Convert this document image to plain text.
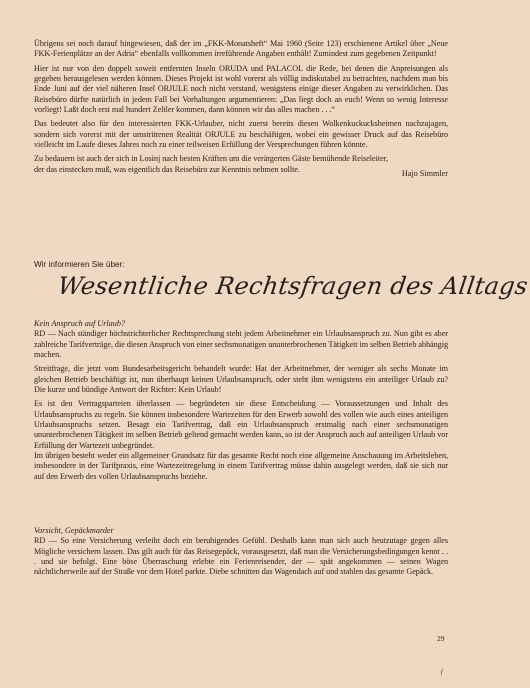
Übrigens sei noch darauf hingewiesen, daß der im „FKK-Monatsheft“ Mai 1960 (Seite 123) erschienene Artikel über „Neue FKK-Ferienplätze an der Adria“ ebenfalls vollkommen irreführende Angaben enthält! Zumindest zum gegebenen Zeitpunkt!

Hier ist nur von den doppelt soweit entfernten Inseln ORUDA und PALACOL die Rede, bei denen die Anpreisungen als gegeben herausgelesen werden können. Dieses Projekt ist wohl vorerst als völlig indiskutabel zu betrachten, nachdem man bis Ende Juni auf der viel näheren Insel ORJULE noch nicht verstand, wenigstens einige dieser Angaben zu verwirklichen. Das Reisebüro dürfte natürlich in jedem Fall bei Vorhaltungen argumentieren: „Das liegt doch an euch! Wenn so wenig Interesse vorliegt! Laßt doch erst mal hundert Zeltler kommen, dann können wir das alles machen . . .“

Das bedeutet also für den interessierten FKK-Urlauber, nicht zuerst bereits diesen Wolkenkuckucksheimen nachzujagen, sondern sich vorerst mit der umstrittenen Realität ORJULE zu beschäftigen, wobei ein gewisser Druck auf das Reisebüro vielleicht im Laufe dieses Jahres noch zu einer teilweisen Erfüllung der Versprechungen führen könnte.

Zu bedauern ist auch der sich in Losinj nach besten Kräften um die verärgerten Gäste bemühende Reiseleiter, der das einstecken muß, was eigentlich das Reisebüro zur Kenntnis nehmen sollte.	Hajo Simmler
Wir informieren Sie über:
Wesentliche Rechtsfragen des Alltags
Kein Anspruch auf Urlaub?

RD — Nach ständiger höchstrichterlicher Rechtsprechung steht jedem Arbeitnehmer ein Urlaubsanspruch zu. Nun gibt es aber zahlreiche Tarifverträge, die diesen Anspruch von einer sechsmonatigen ununterbrochenen Tätigkeit im selben Betrieb abhängig machen.

Streitfrage, die jetzt vom Bundesarbeitsgericht behandelt wurde: Hat der Arbeitnehmer, der weniger als sechs Monate im gleichen Betrieb beschäftigt ist, nun überhaupt keinen Urlaubsanspruch, oder steht ihm wenigstens ein anteiliger Urlaub zu? Die kurze und bündige Antwort der Richter: Kein Urlaub!

Es ist den Vertragsparteien überlassen — begründeten sie diese Entscheidung — Voraussetzungen und Inhalt des Urlaubsanspruchs zu regeln. Sie können insbesondere Wartezeiten für den Erwerb sowohl des vollen wie auch eines anteiligen Urlaubsanspruchs setzen. Besagt ein Tarifvertrag, daß ein Urlaubsanspruch erstmalig nach einer sechsmonatigen ununterbrochenen Tätigkeit im selben Betrieb geltend gemacht werden kann, so ist der Anspruch auch auf anteiligen Urlaub vor Erfüllung der Wartezeit unbegründet.

Im übrigen besteht weder ein allgemeiner Grundsatz für das gesamte Recht noch eine allgemeine Anschauung im Arbeitsleben, insbesondere in der Tarifpraxis, eine Wartezeitregelung in einem Tarifvertrag müsse dahin ausgelegt werden, daß sie sich nur auf den Erwerb des vollen Urlaubsanspruchs beziehe.

Vorsicht, Gepäckmarder

RD — So eine Versicherung verleiht doch ein beruhigendes Gefühl. Deshalb kann man sich auch heutzutage gegen alles Mögliche versichern lassen. Das gilt auch für das Reisegepäck, vorausgesetzt, daß man die Versicherungsbedingungen kennt . . . und sie befolgt. Eine böse Überraschung erlebte ein Ferienreisender, der — spät angekommen — seinen Wagen nächtlicherweile auf der Straße vor dem Hotel parkte. Diebe schnitten das Wagendach auf und stahlen das gesamte Gepäck.

29
ƒ
